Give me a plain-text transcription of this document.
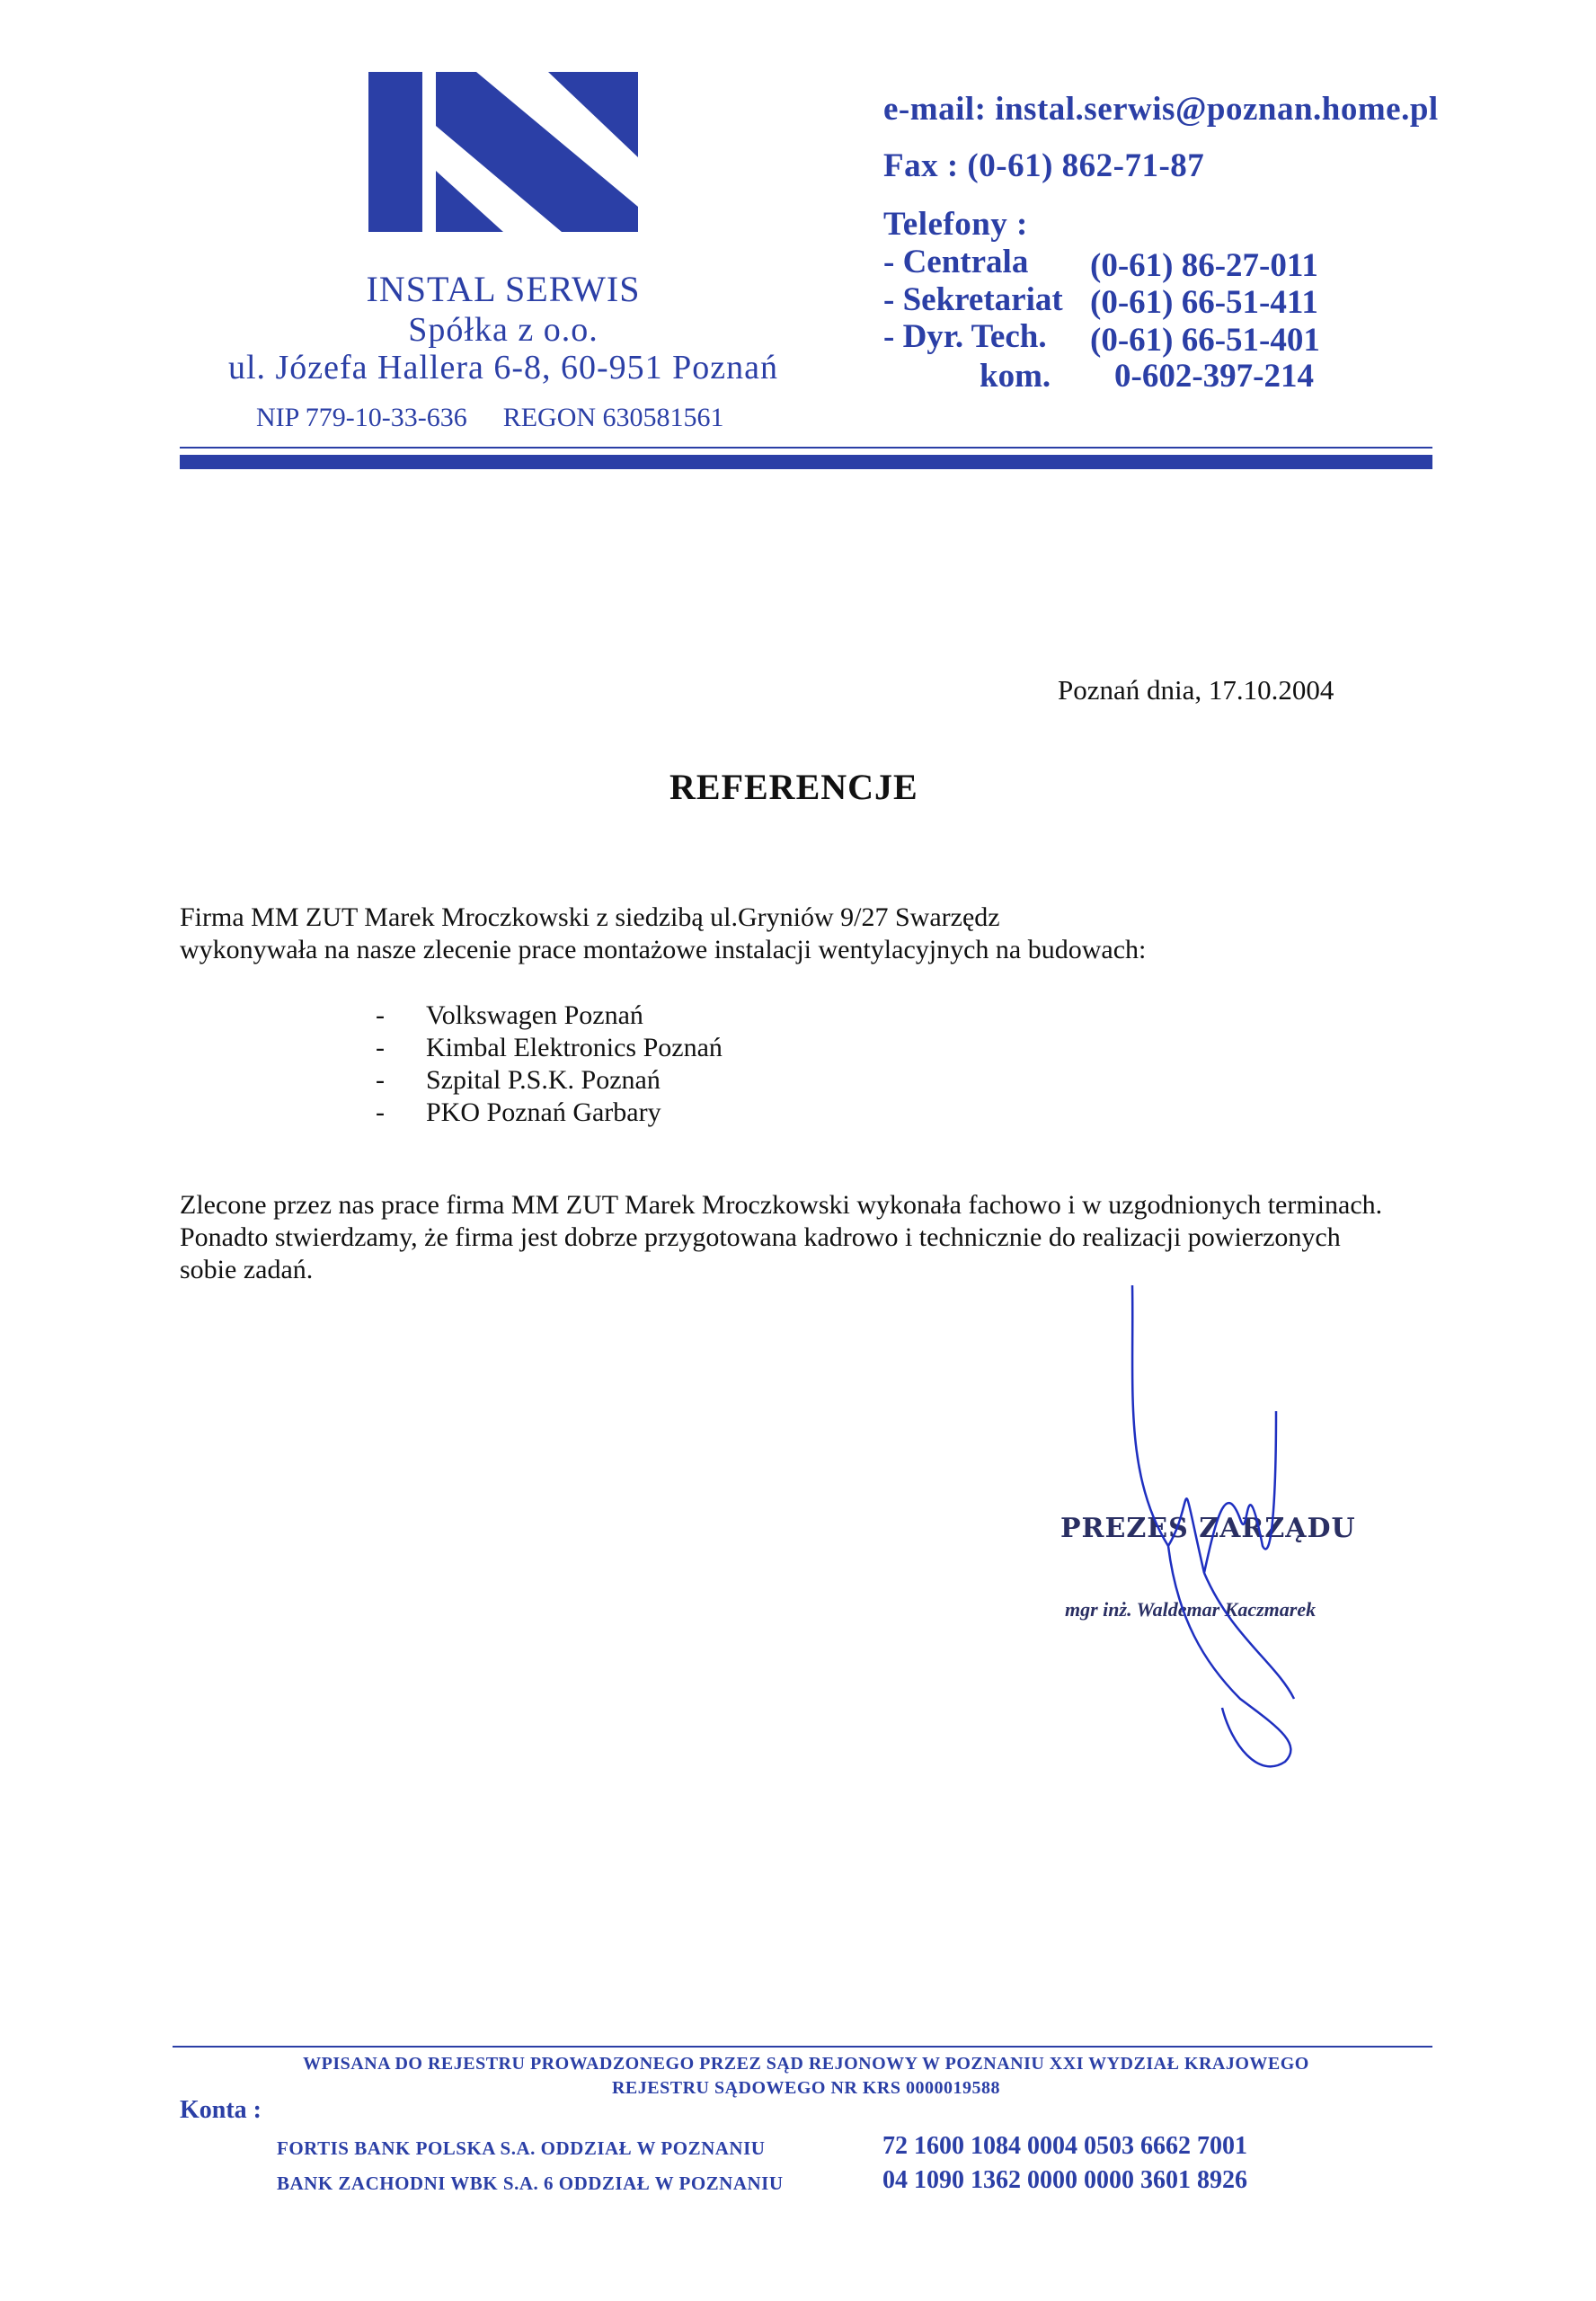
INSTAL SERWIS
Spółka z o.o.
ul. Józefa Hallera 6-8, 60-951 Poznań
NIP 779-10-33-636 REGON 630581561
e-mail: instal.serwis@poznan.home.pl
Fax : (0-61) 862-71-87
Telefony :
- Centrala	(0-61) 86-27-011
- Sekretariat (0-61) 66-51-411
- Dyr. Tech.	(0-61) 66-51-401
kom.	0-602-397-214
Poznań dnia, 17.10.2004
REFERENCJE
Firma MM ZUT Marek Mroczkowski z siedzibą ul.Gryniów 9/27 Swarzędz
wykonywała na nasze zlecenie prace montażowe instalacji wentylacyjnych na budowach:
-	Volkswagen Poznań
-	Kimbal Elektronics Poznań
-	Szpital P.S.K. Poznań
-	PKO Poznań Garbary
Zlecone przez nas prace firma MM ZUT Marek Mroczkowski wykonała fachowo i w uzgodnionych terminach.
Ponadto stwierdzamy, że firma jest dobrze przygotowana kadrowo i technicznie do realizacji powierzonych
sobie zadań.
PREZES ZARZĄDU
mgr inż. Waldemar Kaczmarek
WPISANA DO REJESTRU PROWADZONEGO PRZEZ SĄD REJONOWY W POZNANIU XXI WYDZIAŁ KRAJOWEGO
REJESTRU SĄDOWEGO NR KRS 0000019588
Konta :
FORTIS BANK POLSKA S.A. ODDZIAŁ W POZNANIU	72 1600 1084 0004 0503 6662 7001
BANK ZACHODNI WBK S.A. 6 ODDZIAŁ W POZNANIU	04 1090 1362 0000 0000 3601 8926
